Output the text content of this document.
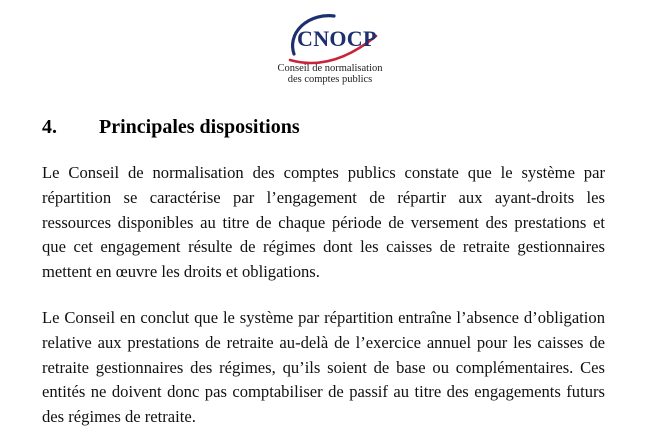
CNOCP
Conseil de normalisation
des comptes publics
4. Principales dispositions

Le Conseil de normalisation des comptes publics constate que le système par
répartition se caractérise par l’engagement de répartir aux ayant-droits les
ressources disponibles au titre de chaque période de versement des prestations et
que cet engagement résulte de régimes dont les caisses de retraite gestionnaires
mettent en œuvre les droits et obligations.

Le Conseil en conclut que le système par répartition entraîne l’absence d’obligation
relative aux prestations de retraite au-delà de l’exercice annuel pour les caisses de
retraite gestionnaires des régimes, qu’ils soient de base ou complémentaires. Ces
entités ne doivent donc pas comptabiliser de passif au titre des engagements futurs
des régimes de retraite.
